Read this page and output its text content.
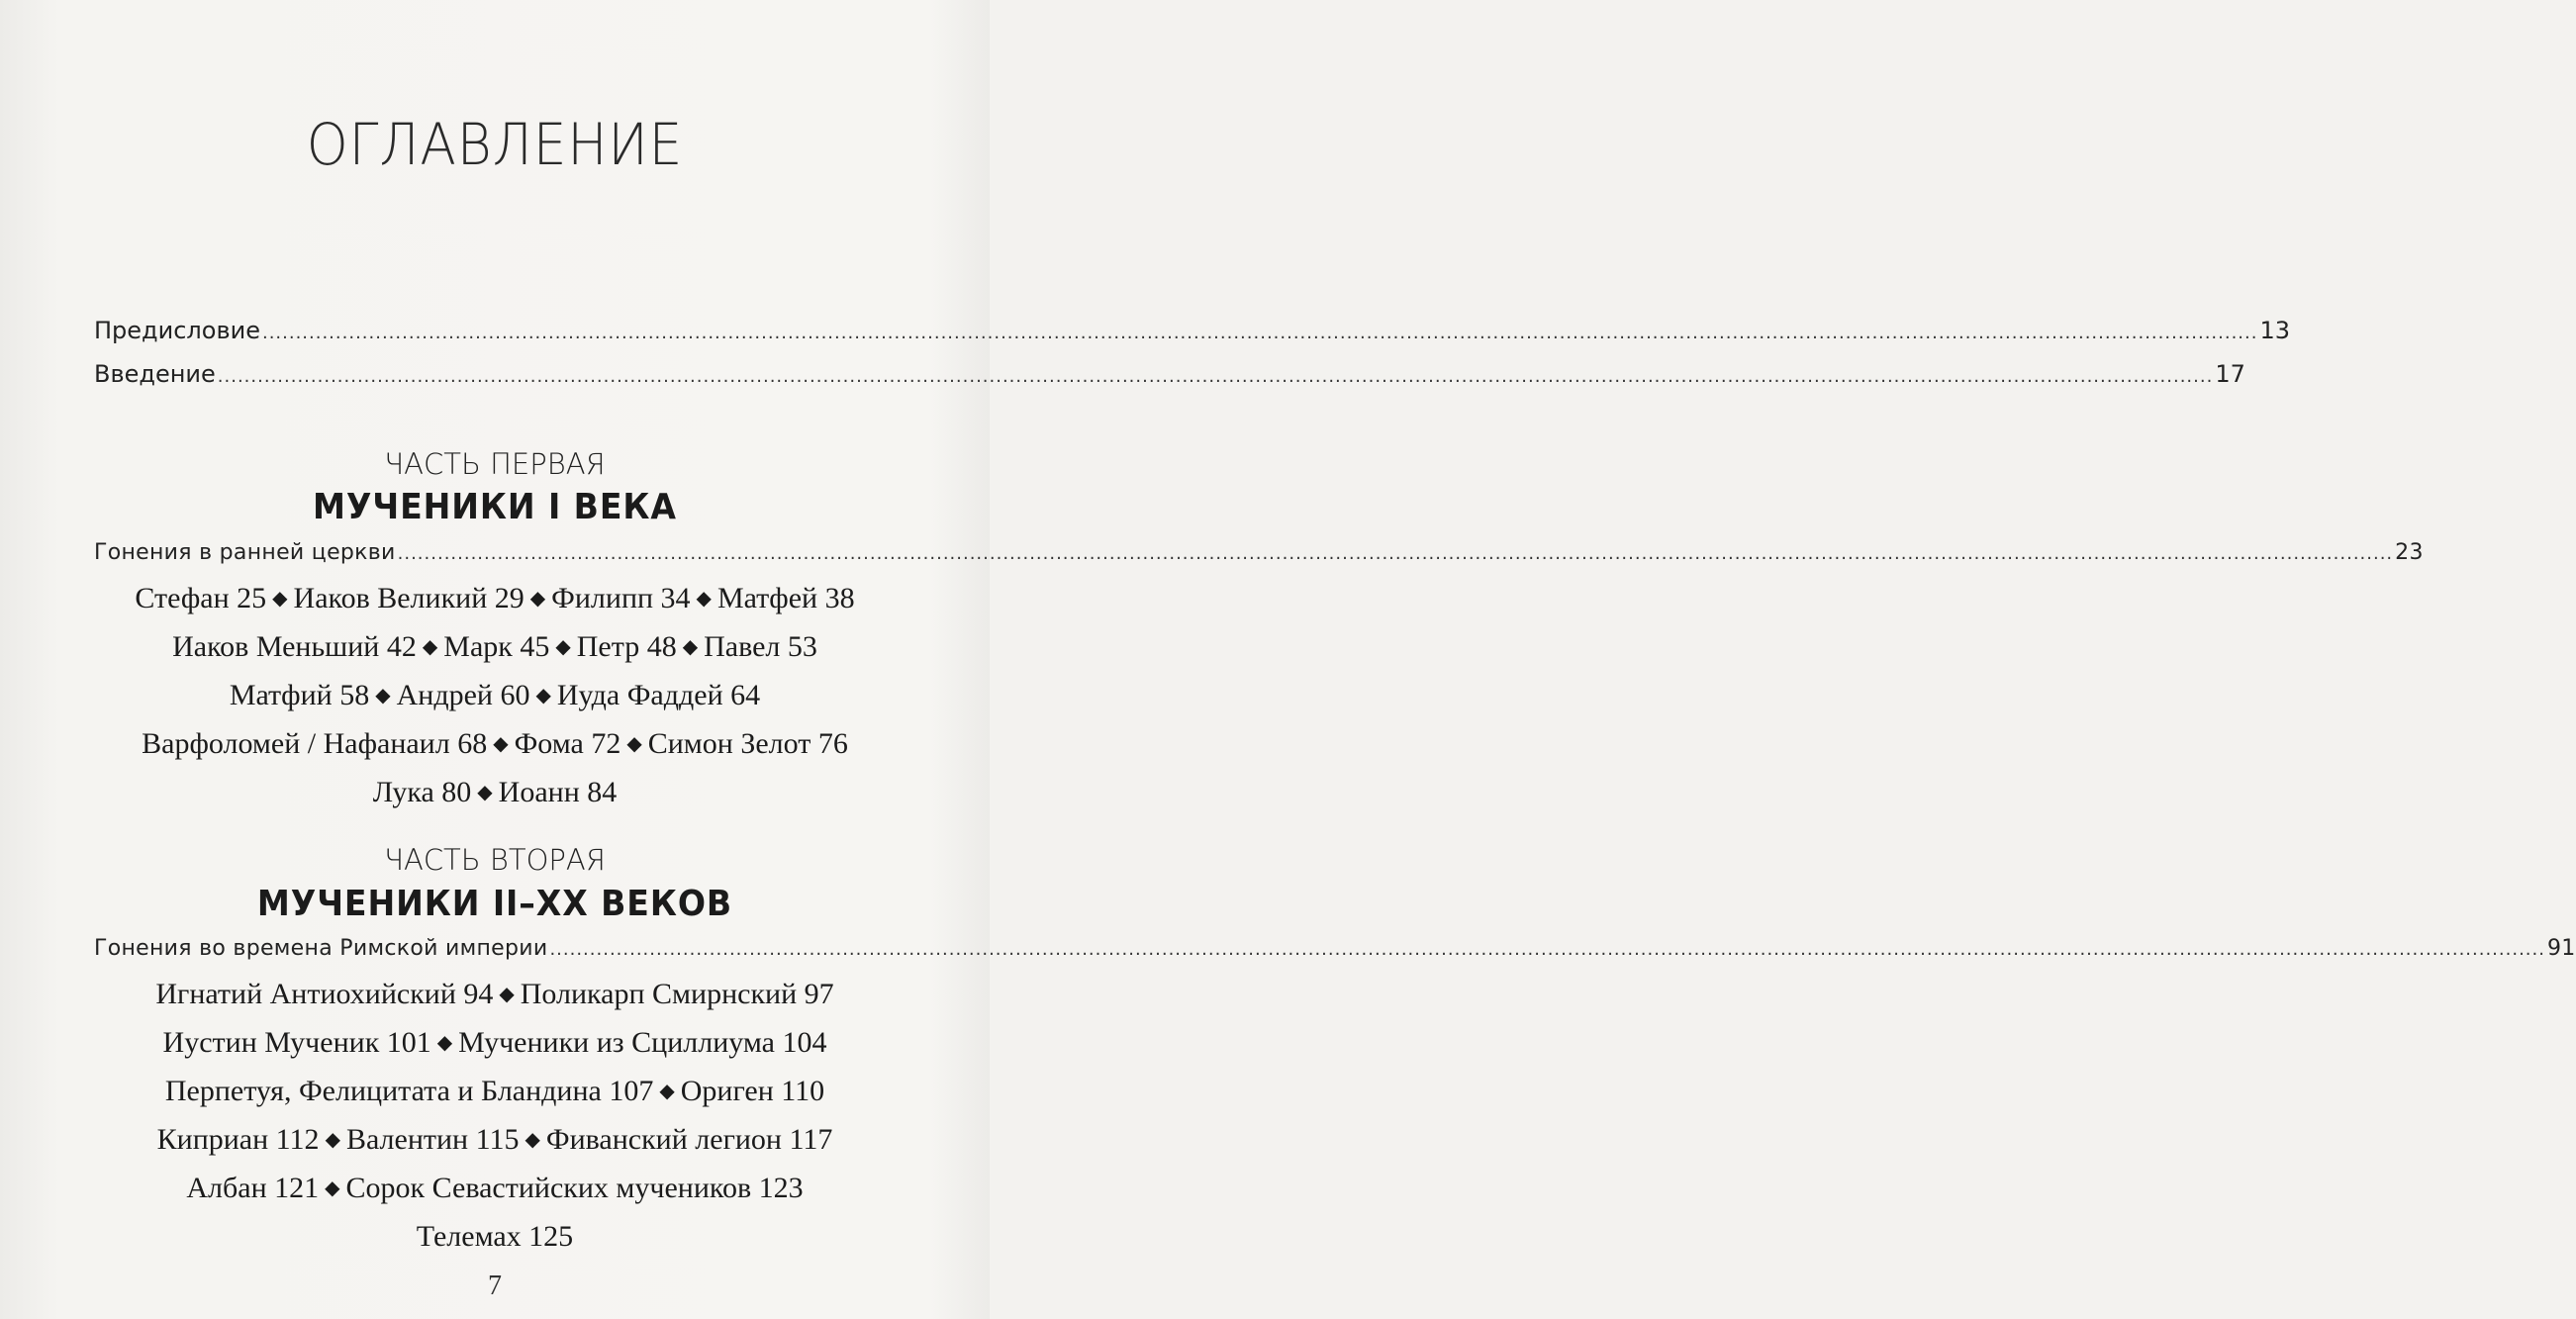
ОГЛАВЛЕНИЕ
Предисловие ............................................................................................................................................................................................................................................................................................................ 13
Введение ............................................................................................................................................................................................................................................................................................................ 17
ЧАСТЬ ПЕРВАЯ
МУЧЕНИКИ I ВЕКА
Гонения в ранней церкви ............................................................................................................................................................................................................................................................................................................ 23
Стефан 25 ◆ Иаков Великий 29 ◆ Филипп 34 ◆ Матфей 38
Иаков Меньший 42 ◆ Марк 45 ◆ Петр 48 ◆ Павел 53
Матфий 58 ◆ Андрей 60 ◆ Иуда Фаддей 64
Варфоломей / Нафанаил 68 ◆ Фома 72 ◆ Симон Зелот 76
Лука 80 ◆ Иоанн 84
ЧАСТЬ ВТОРАЯ
МУЧЕНИКИ II–XX ВЕКОВ
Гонения во времена Римской империи ............................................................................................................................................................................................................................................................................................................ 91
Игнатий Антиохийский 94 ◆ Поликарп Смирнский 97
Иустин Мученик 101 ◆ Мученики из Сциллиума 104
Перпетуя, Фелицитата и Бландина 107 ◆ Ориген 110
Киприан 112 ◆ Валентин 115 ◆ Фиванский легион 117
Албан 121 ◆ Сорок Севастийских мучеников 123
Телемах 125
7
